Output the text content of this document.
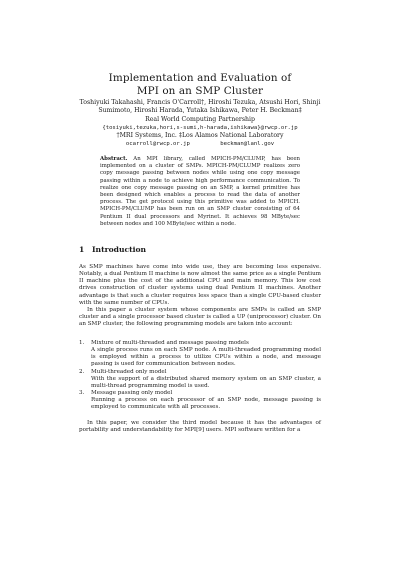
Implementation and Evaluation of
MPI on an SMP Cluster
Toshiyuki Takahashi, Francis O'Carroll†, Hiroshi Tezuka, Atsushi Hori, Shinji
Sumimoto, Hiroshi Harada, Yutaka Ishikawa, Peter H. Beckman‡
Real World Computing Partnership
{tosiyuki,tezuka,hori,s-sumi,h-harada,ishikawa}@rwcp.or.jp
†MRI Systems, Inc. ‡Los Alamos National Laboratory
ocarroll@rwcp.or.jp         beckman@lanl.gov
Abstract. An MPI library, called MPICH-PM/CLUMP, has been implemented on a cluster of SMPs. MPICH-PM/CLUMP realizes zero copy message passing between nodes while using one copy message passing within a node to achieve high performance communication. To realize one copy message passing on an SMP, a kernel primitive has been designed which enables a process to read the data of another process. The get protocol using this primitive was added to MPICH. MPICH-PM/CLUMP has been run on an SMP cluster consisting of 64 Pentium II dual processors and Myrinet. It achieves 98 MByte/sec between nodes and 100 MByte/sec within a node.
1 Introduction

As SMP machines have come into wide use, they are becoming less expensive. Notably, a dual Pentium II machine is now almost the same price as a single Pentium II machine plus the cost of the additional CPU and main memory. This low cost drives construction of cluster systems using dual Pentium II machines. Another advantage is that such a cluster requires less space than a single CPU-based cluster with the same number of CPUs.

In this paper a cluster system whose components are SMPs is called an SMP cluster and a single processor based cluster is called a UP (uniprocessor) cluster. On an SMP cluster, the following programming models are taken into account:

1. Mixture of multi-threaded and message passing models
A single process runs on each SMP node. A multi-threaded programming model is employed within a process to utilize CPUs within a node, and message passing is used for communication between nodes.
2. Multi-threaded only model
With the support of a distributed shared memory system on an SMP cluster, a multi-thread programming model is used.
3. Message passing only model
Running a process on each processor of an SMP node, message passing is employed to communicate with all processes.

In this paper, we consider the third model because it has the advantages of portability and understandability for MPI[9] users. MPI software written for a
